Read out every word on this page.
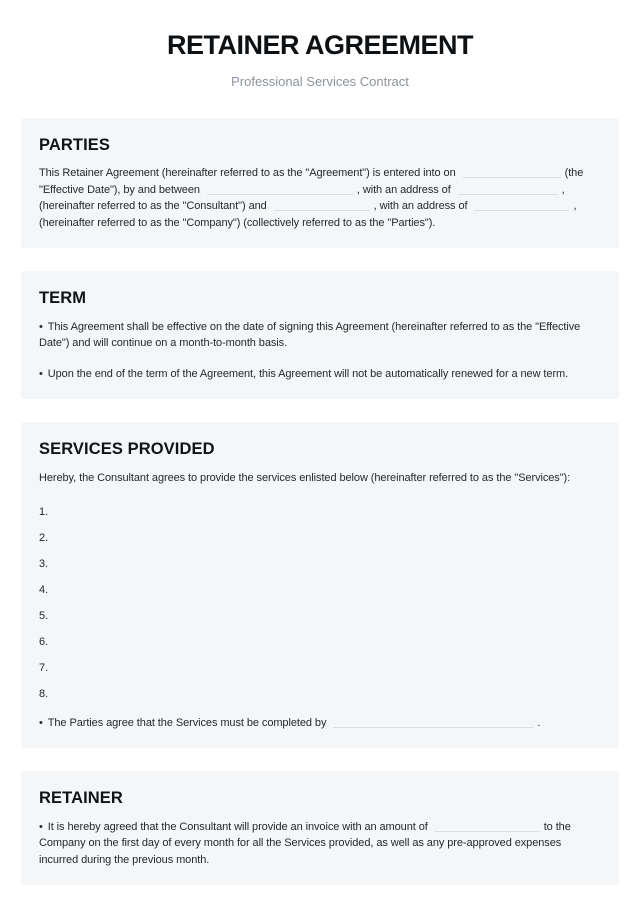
RETAINER AGREEMENT

Professional Services Contract

PARTIES

This Retainer Agreement (hereinafter referred to as the "Agreement") is entered into on	(the "Effective Date"), by and between	, with an address of	, (hereinafter referred to as the "Consultant") and	, with an address of	, (hereinafter referred to as the "Company") (collectively referred to as the "Parties").

TERM

• This Agreement shall be effective on the date of signing this Agreement (hereinafter referred to as the "Effective Date") and will continue on a month-to-month basis.

• Upon the end of the term of the Agreement, this Agreement will not be automatically renewed for a new term.

SERVICES PROVIDED

Hereby, the Consultant agrees to provide the services enlisted below (hereinafter referred to as the "Services"):

1.
2.
3.
4.
5.
6.
7.
8.

• The Parties agree that the Services must be completed by	.

RETAINER

• It is hereby agreed that the Consultant will provide an invoice with an amount of	to the Company on the first day of every month for all the Services provided, as well as any pre-approved expenses incurred during the previous month.
